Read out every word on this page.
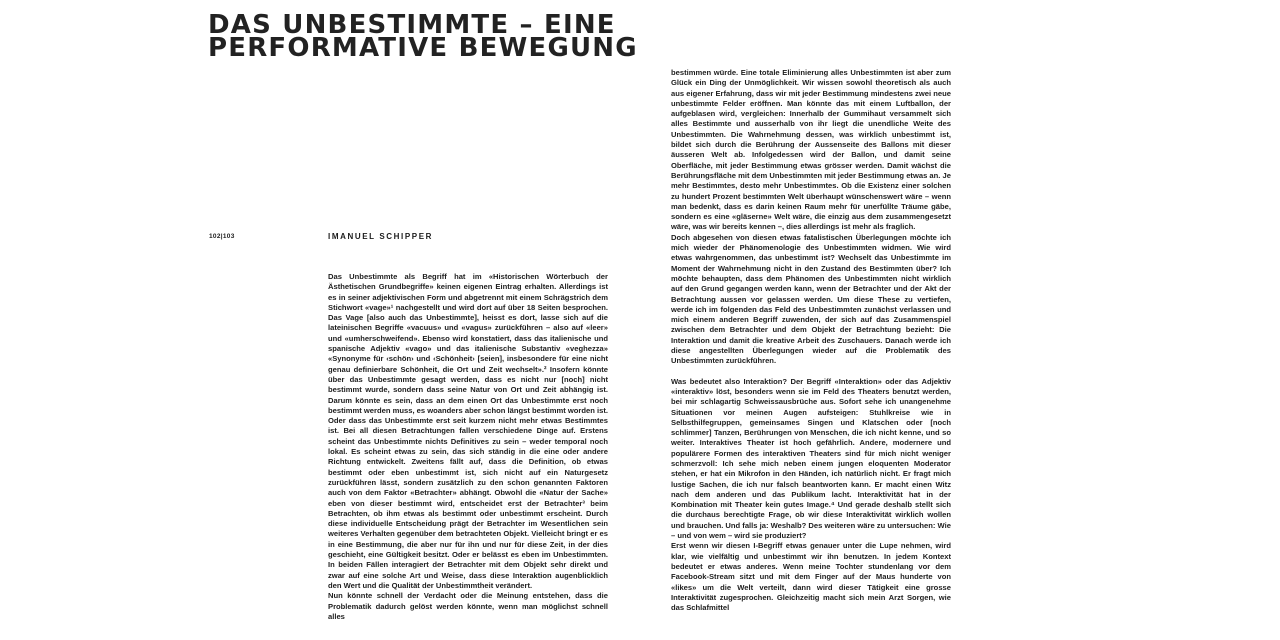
DAS UNBESTIMMTE – EINE
PERFORMATIVE BEWEGUNG
102|103	IMANUEL SCHIPPER

Das Unbestimmte als Begriff hat im «Historischen Wörterbuch der Ästhetischen Grundbegriffe» keinen eigenen Eintrag erhalten. Allerdings ist es in seiner adjektivischen Form und abgetrennt mit einem Schrägstrich dem Stichwort «vage»¹ nachgestellt und wird dort auf über 18 Seiten besprochen. Das Vage [also auch das Unbestimmte], heisst es dort, lasse sich auf die lateinischen Begriffe «vacuus» und «vagus» zurückführen – also auf «leer» und «umherschweifend». Ebenso wird konstatiert, dass das italienische und spanische Adjektiv «vago» und das italienische Substantiv «veghezza» «Synonyme für ‹schön› und ‹Schönheit› [seien], insbesondere für eine nicht genau definierbare Schönheit, die Ort und Zeit wechselt».² Insofern könnte über das Unbestimmte gesagt werden, dass es nicht nur [noch] nicht bestimmt wurde, sondern dass seine Natur von Ort und Zeit abhängig ist. Darum könnte es sein, dass an dem einen Ort das Unbestimmte erst noch bestimmt werden muss, es woanders aber schon längst bestimmt worden ist. Oder dass das Unbestimmte erst seit kurzem nicht mehr etwas Bestimmtes ist. Bei all diesen Betrachtungen fallen verschiedene Dinge auf. Erstens scheint das Unbestimmte nichts Definitives zu sein – weder temporal noch lokal. Es scheint etwas zu sein, das sich ständig in die eine oder andere Richtung entwickelt. Zweitens fällt auf, dass die Definition, ob etwas bestimmt oder eben unbestimmt ist, sich nicht auf ein Naturgesetz zurückführen lässt, sondern zusätzlich zu den schon genannten Faktoren auch von dem Faktor «Betrachter» abhängt. Obwohl die «Natur der Sache» eben von dieser bestimmt wird, entscheidet erst der Betrachter³ beim Betrachten, ob ihm etwas als bestimmt oder unbestimmt erscheint. Durch diese individuelle Entscheidung prägt der Betrachter im Wesentlichen sein weiteres Verhalten gegenüber dem betrachteten Objekt. Vielleicht bringt er es in eine Bestimmung, die aber nur für ihn und nur für diese Zeit, in der dies geschieht, eine Gültigkeit besitzt. Oder er belässt es eben im Unbestimmten. In beiden Fällen interagiert der Betrachter mit dem Objekt sehr direkt und zwar auf eine solche Art und Weise, dass diese Interaktion augenblicklich den Wert und die Qualität der Unbestimmtheit verändert.

Nun könnte schnell der Verdacht oder die Meinung entstehen, dass die Problematik dadurch gelöst werden könnte, wenn man möglichst schnell alles

bestimmen würde. Eine totale Eliminierung alles Unbestimmten ist aber zum Glück ein Ding der Unmöglichkeit. Wir wissen sowohl theoretisch als auch aus eigener Erfahrung, dass wir mit jeder Bestimmung mindestens zwei neue unbestimmte Felder eröffnen. Man könnte das mit einem Luftballon, der aufgeblasen wird, vergleichen: Innerhalb der Gummihaut versammelt sich alles Bestimmte und ausserhalb von ihr liegt die unendliche Weite des Unbestimmten. Die Wahrnehmung dessen, was wirklich unbestimmt ist, bildet sich durch die Berührung der Aussenseite des Ballons mit dieser äusseren Welt ab. Infolgedessen wird der Ballon, und damit seine Oberfläche, mit jeder Bestimmung etwas grösser werden. Damit wächst die Berührungsfläche mit dem Unbestimmten mit jeder Bestimmung etwas an. Je mehr Bestimmtes, desto mehr Unbestimmtes. Ob die Existenz einer solchen zu hundert Prozent bestimmten Welt überhaupt wünschenswert wäre – wenn man bedenkt, dass es darin keinen Raum mehr für unerfüllte Träume gäbe, sondern es eine «gläserne» Welt wäre, die einzig aus dem zusammengesetzt wäre, was wir bereits kennen –, dies allerdings ist mehr als fraglich.

Doch abgesehen von diesen etwas fatalistischen Überlegungen möchte ich mich wieder der Phänomenologie des Unbestimmten widmen. Wie wird etwas wahrgenommen, das unbestimmt ist? Wechselt das Unbestimmte im Moment der Wahrnehmung nicht in den Zustand des Bestimmten über? Ich möchte behaupten, dass dem Phänomen des Unbestimmten nicht wirklich auf den Grund gegangen werden kann, wenn der Betrachter und der Akt der Betrachtung aussen vor gelassen werden. Um diese These zu vertiefen, werde ich im folgenden das Feld des Unbestimmten zunächst verlassen und mich einem anderen Begriff zuwenden, der sich auf das Zusammenspiel zwischen dem Betrachter und dem Objekt der Betrachtung bezieht: Die Interaktion und damit die kreative Arbeit des Zuschauers. Danach werde ich diese angestellten Überlegungen wieder auf die Problematik des Unbestimmten zurückführen.

Was bedeutet also Interaktion? Der Begriff «Interaktion» oder das Adjektiv «interaktiv» löst, besonders wenn sie im Feld des Theaters benutzt werden, bei mir schlagartig Schweissausbrüche aus. Sofort sehe ich unangenehme Situationen vor meinen Augen aufsteigen: Stuhlkreise wie in Selbsthilfegruppen, gemeinsames Singen und Klatschen oder [noch schlimmer] Tanzen, Berührungen von Menschen, die ich nicht kenne, und so weiter. Interaktives Theater ist hoch gefährlich. Andere, modernere und populärere Formen des interaktiven Theaters sind für mich nicht weniger schmerzvoll: Ich sehe mich neben einem jungen eloquenten Moderator stehen, er hat ein Mikrofon in den Händen, ich natürlich nicht. Er fragt mich lustige Sachen, die ich nur falsch beantworten kann. Er macht einen Witz nach dem anderen und das Publikum lacht. Interaktivität hat in der Kombination mit Theater kein gutes Image.⁴ Und gerade deshalb stellt sich die durchaus berechtigte Frage, ob wir diese Interaktivität wirklich wollen und brauchen. Und falls ja: Weshalb? Des weiteren wäre zu untersuchen: Wie – und von wem – wird sie produziert?

Erst wenn wir diesen I-Begriff etwas genauer unter die Lupe nehmen, wird klar, wie vielfältig und unbestimmt wir ihn benutzen. In jedem Kontext bedeutet er etwas anderes. Wenn meine Tochter stundenlang vor dem Facebook-Stream sitzt und mit dem Finger auf der Maus hunderte von «likes» um die Welt verteilt, dann wird dieser Tätigkeit eine grosse Interaktivität zugesprochen. Gleichzeitig macht sich mein Arzt Sorgen, wie das Schlafmittel
